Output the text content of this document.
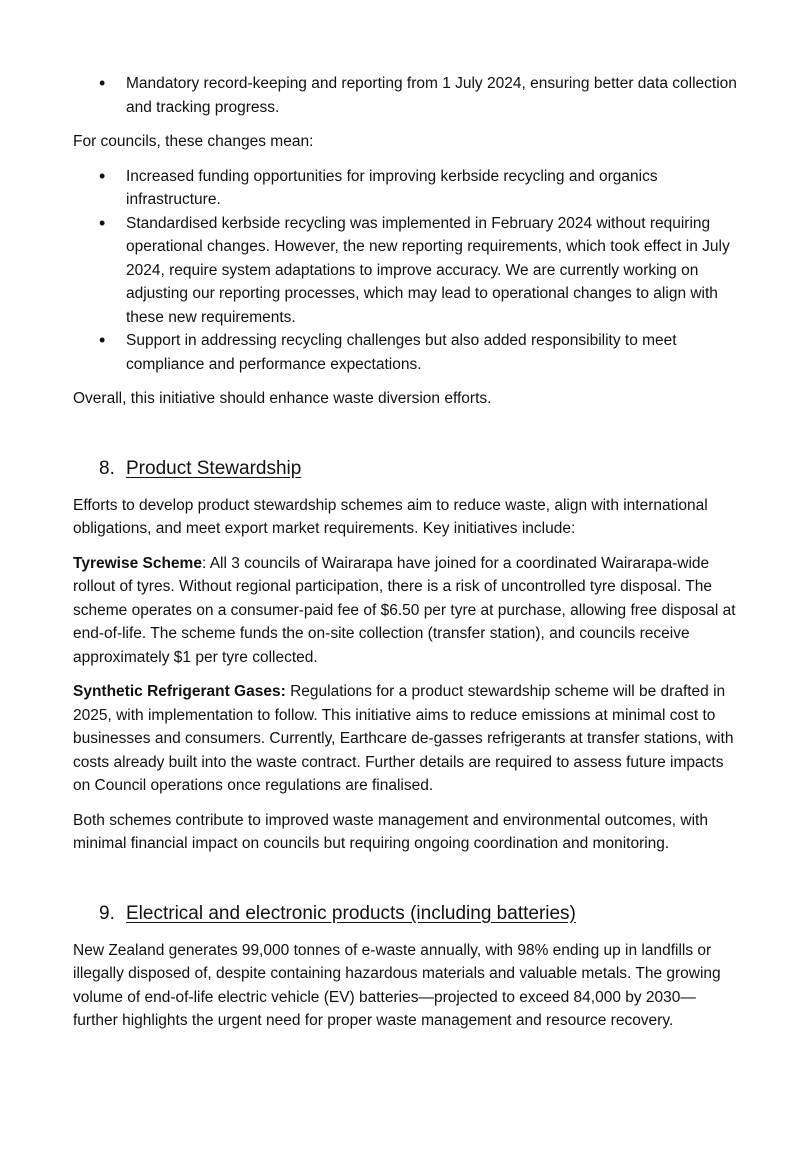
• Mandatory record-keeping and reporting from 1 July 2024, ensuring better data collection and tracking progress.

For councils, these changes mean:

• Increased funding opportunities for improving kerbside recycling and organics infrastructure.
• Standardised kerbside recycling was implemented in February 2024 without requiring operational changes. However, the new reporting requirements, which took effect in July 2024, require system adaptations to improve accuracy. We are currently working on adjusting our reporting processes, which may lead to operational changes to align with these new requirements.
• Support in addressing recycling challenges but also added responsibility to meet compliance and performance expectations.

Overall, this initiative should enhance waste diversion efforts.

8. Product Stewardship

Efforts to develop product stewardship schemes aim to reduce waste, align with international obligations, and meet export market requirements. Key initiatives include:

Tyrewise Scheme: All 3 councils of Wairarapa have joined for a coordinated Wairarapa-wide rollout of tyres. Without regional participation, there is a risk of uncontrolled tyre disposal. The scheme operates on a consumer-paid fee of $6.50 per tyre at purchase, allowing free disposal at end-of-life. The scheme funds the on-site collection (transfer station), and councils receive approximately $1 per tyre collected.

Synthetic Refrigerant Gases: Regulations for a product stewardship scheme will be drafted in 2025, with implementation to follow. This initiative aims to reduce emissions at minimal cost to businesses and consumers. Currently, Earthcare de-gasses refrigerants at transfer stations, with costs already built into the waste contract. Further details are required to assess future impacts on Council operations once regulations are finalised.

Both schemes contribute to improved waste management and environmental outcomes, with minimal financial impact on councils but requiring ongoing coordination and monitoring.

9. Electrical and electronic products (including batteries)

New Zealand generates 99,000 tonnes of e-waste annually, with 98% ending up in landfills or illegally disposed of, despite containing hazardous materials and valuable metals. The growing volume of end-of-life electric vehicle (EV) batteries—projected to exceed 84,000 by 2030—further highlights the urgent need for proper waste management and resource recovery.
